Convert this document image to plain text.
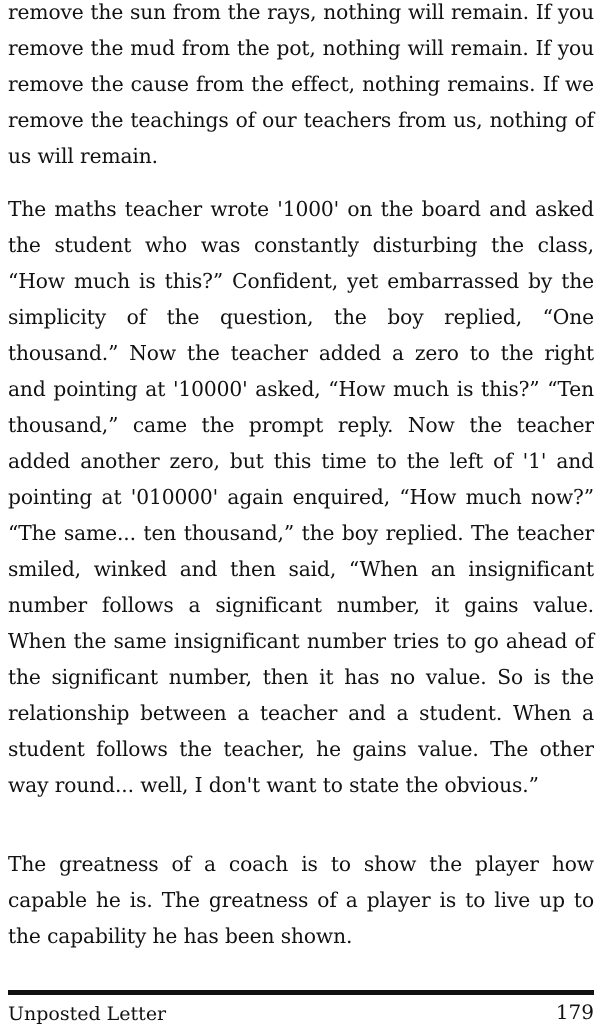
remove the sun from the rays, nothing will remain. If you remove the mud from the pot, nothing will remain. If you remove the cause from the effect, nothing remains. If we remove the teachings of our teachers from us, nothing of us will remain.

The maths teacher wrote '1000' on the board and asked the student who was constantly disturbing the class, “How much is this?” Confident, yet embarrassed by the simplicity of the question, the boy replied, “One thousand.” Now the teacher added a zero to the right and pointing at '10000' asked, “How much is this?” “Ten thousand,” came the prompt reply. Now the teacher added another zero, but this time to the left of '1' and pointing at '010000' again enquired, “How much now?” “The same... ten thousand,” the boy replied. The teacher smiled, winked and then said, “When an insignificant number follows a significant number, it gains value. When the same insignificant number tries to go ahead of the significant number, then it has no value. So is the relationship between a teacher and a student. When a student follows the teacher, he gains value. The other way round... well, I don't want to state the obvious.”

The greatness of a coach is to show the player how capable he is. The greatness of a player is to live up to the capability he has been shown.

Unposted Letter	179
